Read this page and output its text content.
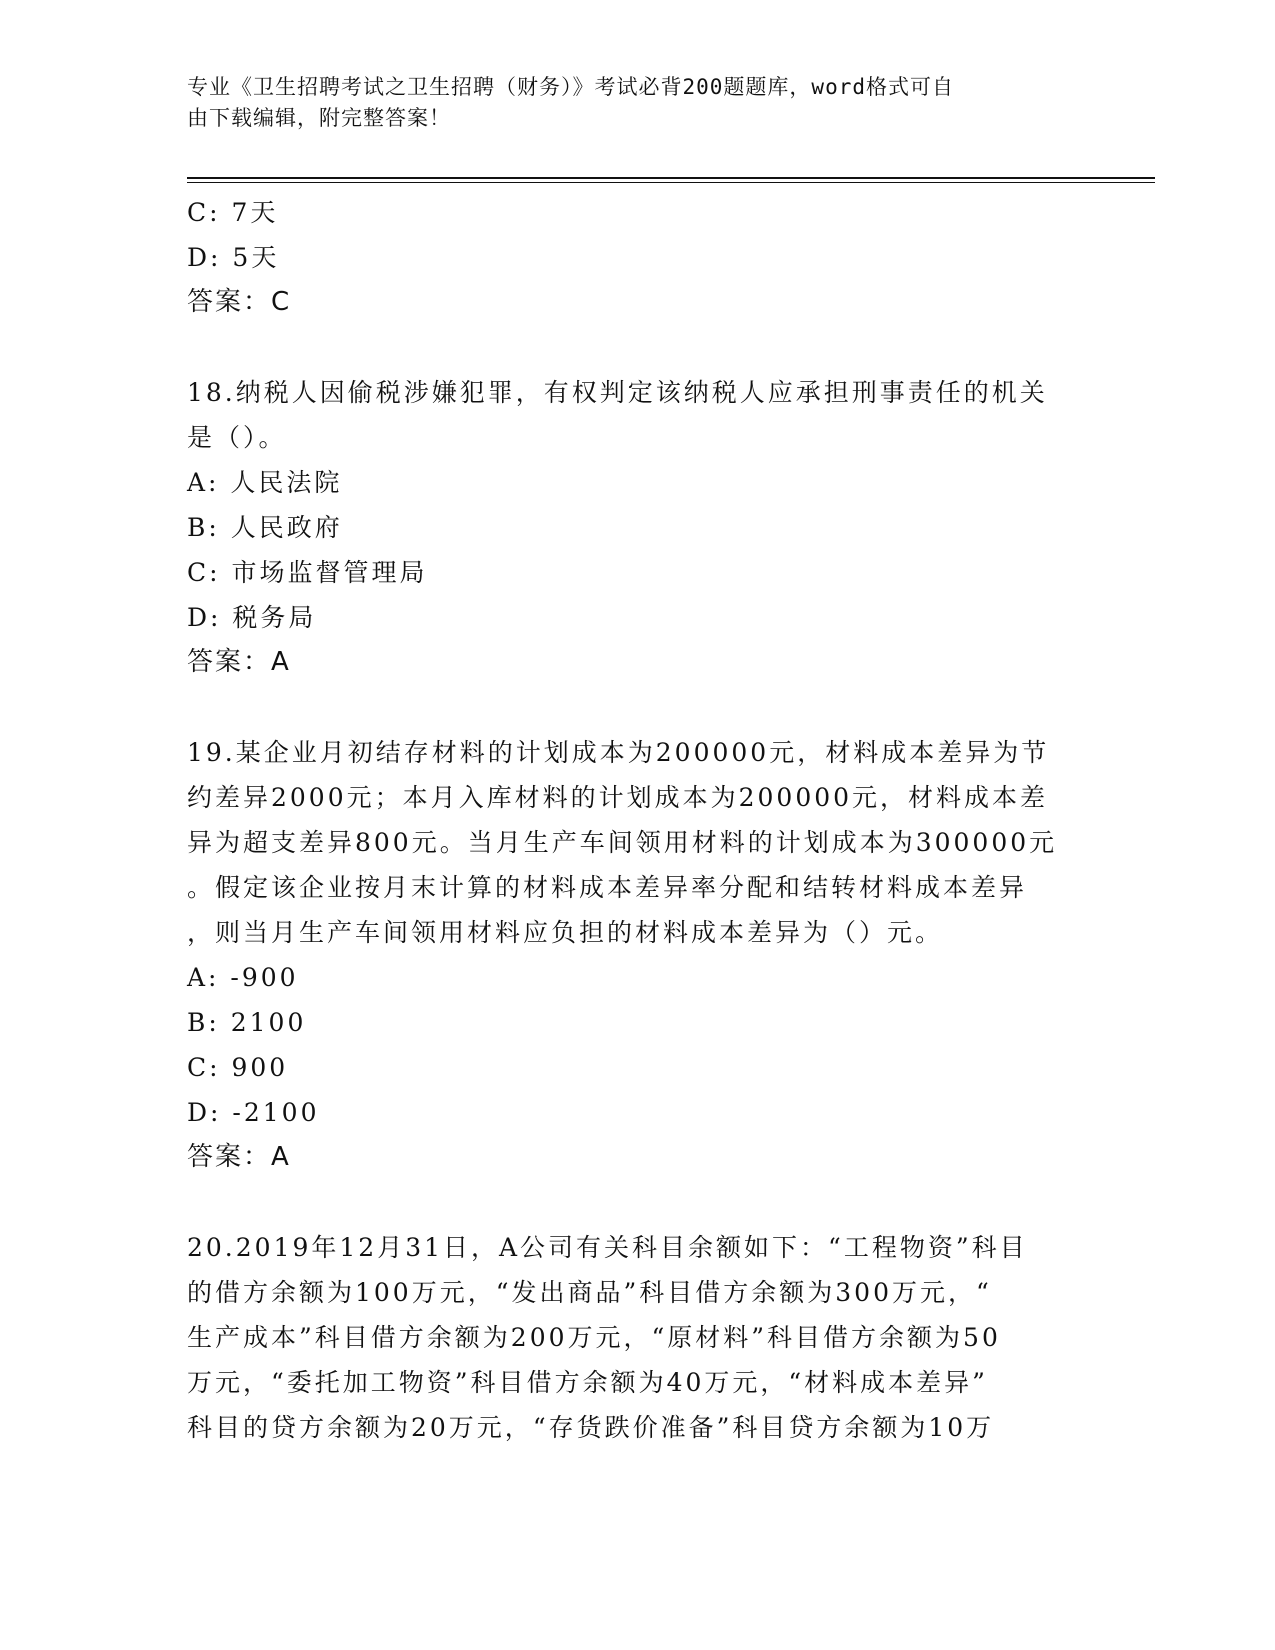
专业《卫生招聘考试之卫生招聘（财务）》考试必背200题题库，word格式可自
由下载编辑，附完整答案！
C: 7天
D: 5天
答案：C
18.纳税人因偷税涉嫌犯罪，有权判定该纳税人应承担刑事责任的机关
是（）。
A: 人民法院
B: 人民政府
C: 市场监督管理局
D: 税务局
答案：A
19.某企业月初结存材料的计划成本为200000元，材料成本差异为节
约差异2000元；本月入库材料的计划成本为200000元，材料成本差
异为超支差异800元。当月生产车间领用材料的计划成本为300000元
。假定该企业按月末计算的材料成本差异率分配和结转材料成本差异
，则当月生产车间领用材料应负担的材料成本差异为（）元。
A: -900
B: 2100
C: 900
D: -2100
答案：A
20.2019年12月31日，A公司有关科目余额如下：“工程物资”科目
的借方余额为100万元，“发出商品”科目借方余额为300万元，“
生产成本”科目借方余额为200万元，“原材料”科目借方余额为50
万元，“委托加工物资”科目借方余额为40万元，“材料成本差异”
科目的贷方余额为20万元，“存货跌价准备”科目贷方余额为10万
